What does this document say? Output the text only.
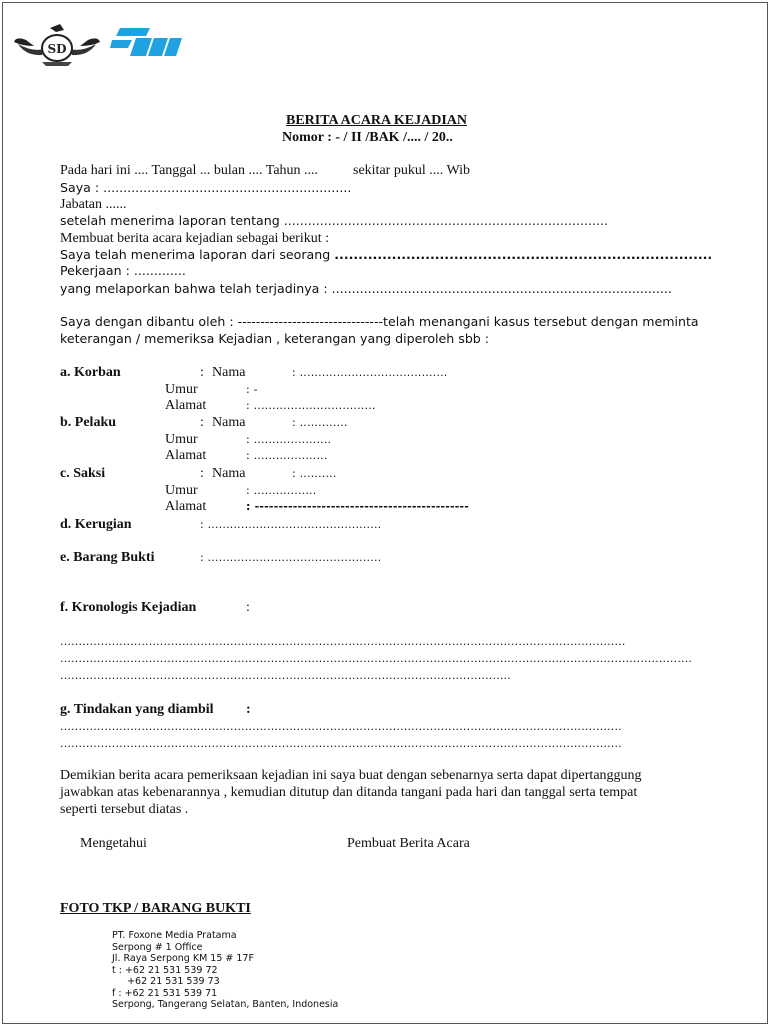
SD
BERITA ACARA KEJADIAN
Nomor : - / II /BAK /.... / 20..
Pada hari ini .... Tanggal ... bulan .... Tahun .... sekitar pukul .... Wib
Saya : ..............................................................
Jabatan ......
setelah menerima laporan tentang .................................................................................
Membuat berita acara kejadian sebagai berikut :
Saya telah menerima laporan dari seorang ...............................................................................
Pekerjaan : .............
yang melaporkan bahwa telah terjadinya : .....................................................................................
Saya dengan dibantu oleh : --------------------------------telah menangani kasus tersebut dengan meminta
keterangan / memeriksa Kejadian , keterangan yang diperoleh sbb :
a. Korban	: Nama	: ........................................
Umur	: -
Alamat	: .................................
b. Pelaku	: Nama	: .............
Umur	: .....................
Alamat	: ....................
c. Saksi	: Nama	: ..........
Umur	: .................
Alamat	: ---------------------------------------------
d. Kerugian	: ...............................................
e. Barang Bukti	: ...............................................
f. Kronologis Kejadian	:
.........................................................................................................................................................
...........................................................................................................................................................................
..........................................................................................................................
g. Tindakan yang diambil :
........................................................................................................................................................
........................................................................................................................................................
Demikian berita acara pemeriksaan kejadian ini saya buat dengan sebenarnya serta dapat dipertanggung
jawabkan atas kebenarannya , kemudian ditutup dan ditanda tangani pada hari dan tanggal serta tempat
seperti tersebut diatas .
Mengetahui	Pembuat Berita Acara
FOTO TKP / BARANG BUKTI
PT. Foxone Media Pratama
Serpong # 1 Office
Jl. Raya Serpong KM 15 # 17F
t : +62 21 531 539 72
+62 21 531 539 73
f : +62 21 531 539 71
Serpong, Tangerang Selatan, Banten, Indonesia
